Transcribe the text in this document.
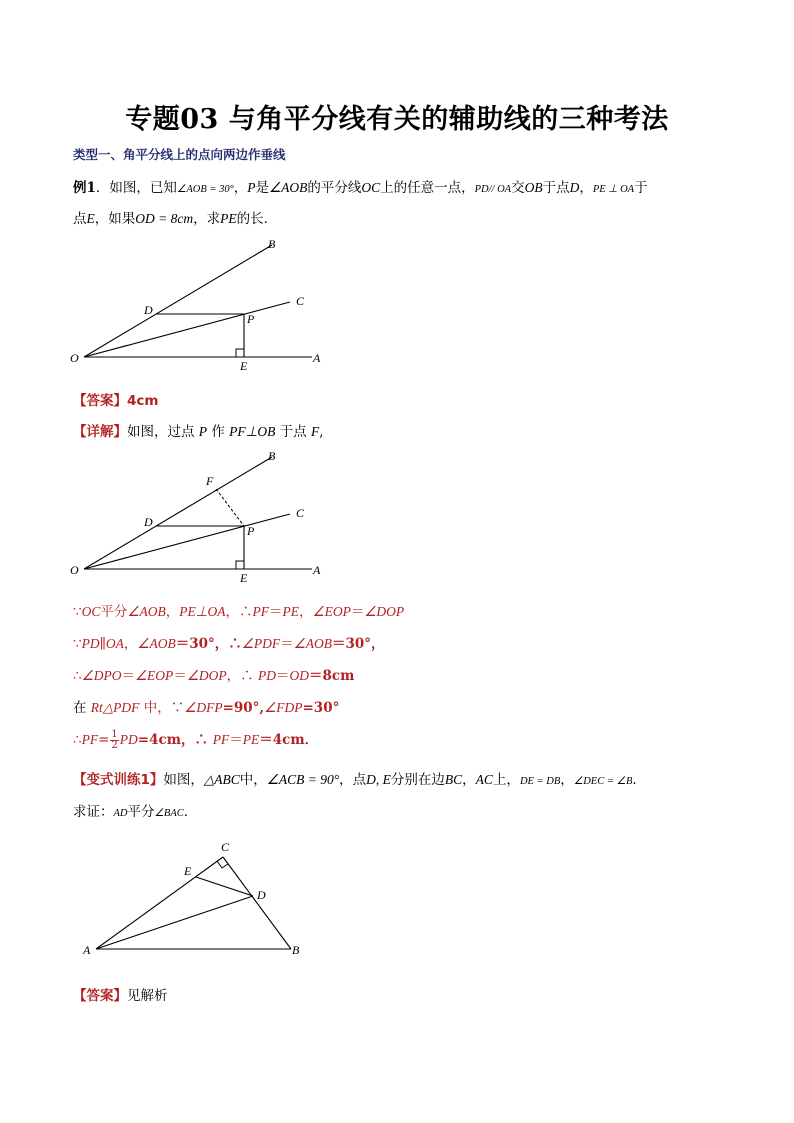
专题03 与角平分线有关的辅助线的三种考法
类型一、角平分线上的点向两边作垂线
例1．如图，已知∠AOB = 30°，P是∠AOB的平分线OC上的任意一点，PD// OA交OB于点D，PE ⊥ OA于
点E，如果OD = 8cm，求PE的长．
B
C
D
P
O
E
A
【答案】4cm
【详解】如图，过点 P 作 PF⊥OB 于点 F,
B
F
C
D
P
O
E
A
∵OC平分∠AOB，PE⊥OA，∴PF＝PE，∠EOP＝∠DOP
∵PD∥OA，∠AOB＝30°，∴∠PDF＝∠AOB＝30°，
∴∠DPO＝∠EOP＝∠DOP，∴ PD＝OD＝8cm
在 Rt△PDF 中，∵∠DFP=90°,∠FDP=30°
∴PF= $\frac{1}{2} PD=4cm$，∴ PF＝PE＝4cm．
【变式训练1】如图，△ABC中，∠ACB = 90°，点D, E分别在边BC，AC上，DE = DB，∠DEC = ∠B．
求证：AD平分∠BAC．
C
E
D
A	B
【答案】见解析
